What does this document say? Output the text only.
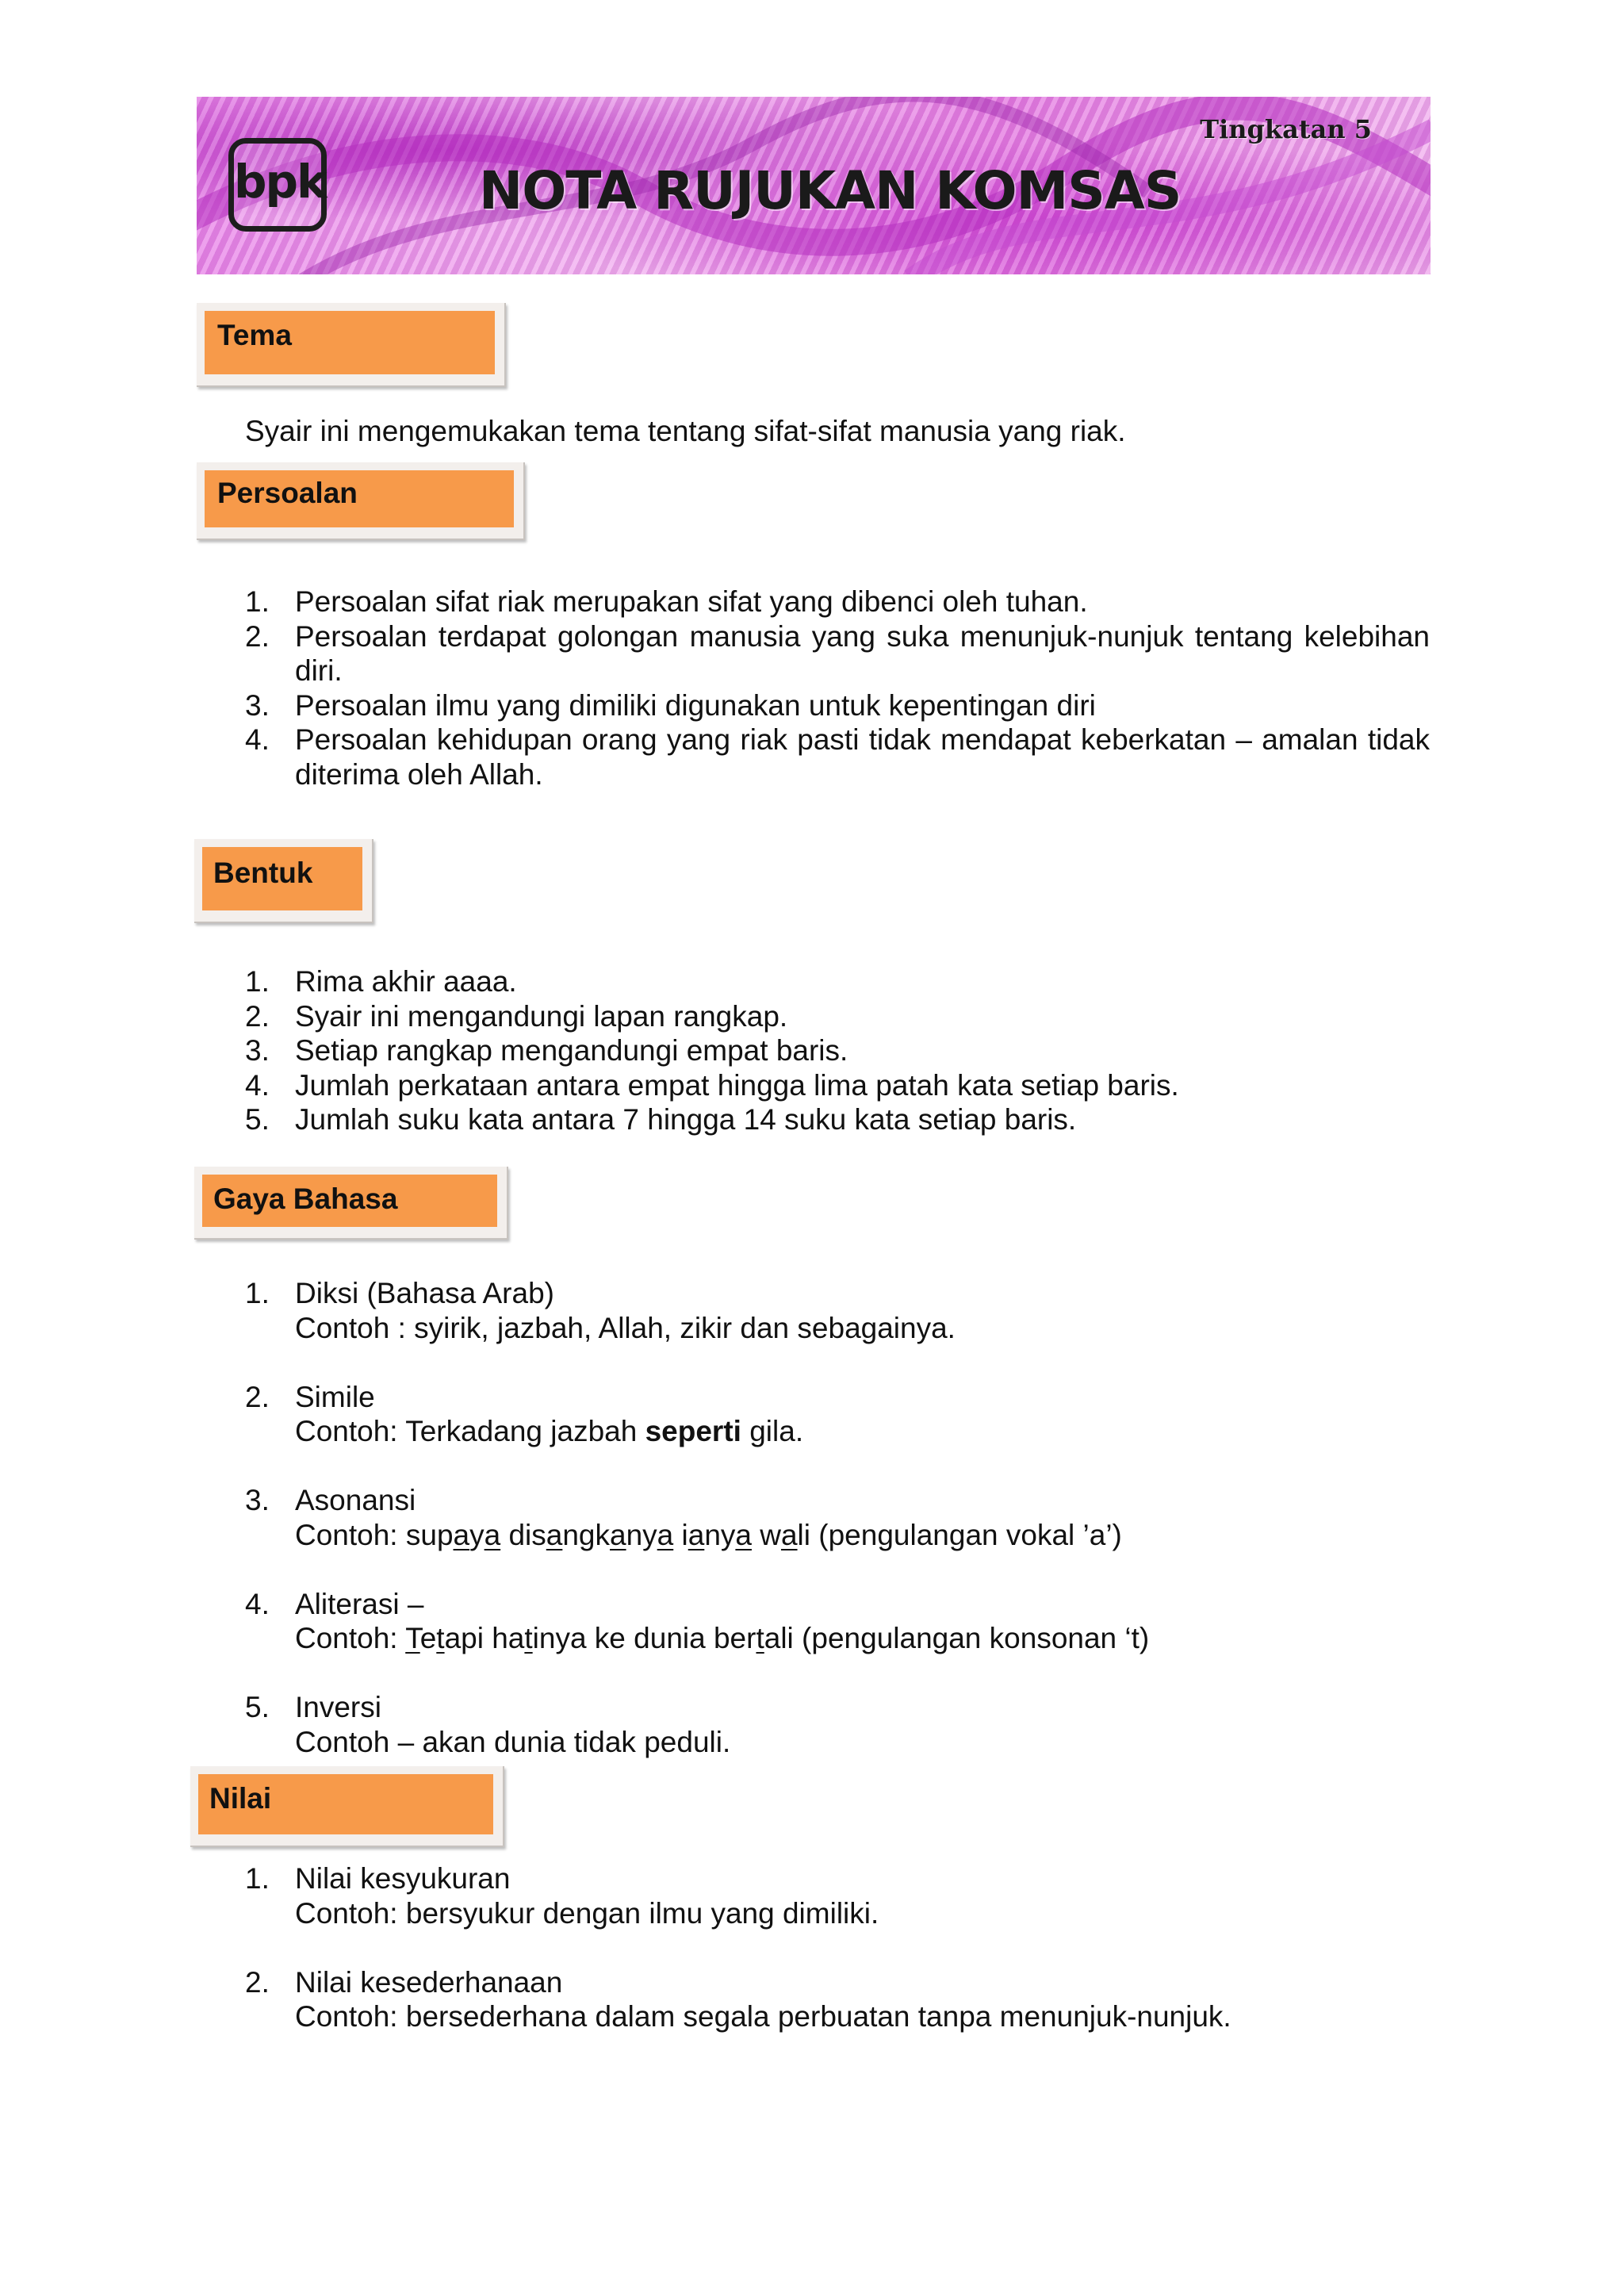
bpk	NOTA RUJUKAN KOMSAS
Tingkatan 5
Tema
Syair ini mengemukakan tema tentang sifat-sifat manusia yang riak.
Persoalan
1. Persoalan sifat riak merupakan sifat yang dibenci oleh tuhan.
2. Persoalan terdapat golongan manusia yang suka menunjuk-nunjuk tentang kelebihan diri.
3. Persoalan ilmu yang dimiliki digunakan untuk kepentingan diri
4. Persoalan kehidupan orang yang riak pasti tidak mendapat keberkatan – amalan tidak diterima oleh Allah.
Bentuk
1. Rima akhir aaaa.
2. Syair ini mengandungi lapan rangkap.
3. Setiap rangkap mengandungi empat baris.
4. Jumlah perkataan antara empat hingga lima patah kata setiap baris.
5. Jumlah suku kata antara 7 hingga 14 suku kata setiap baris.
Gaya Bahasa
1. Diksi (Bahasa Arab)
Contoh : syirik, jazbah, Allah, zikir dan sebagainya.
2. Simile
Contoh: Terkadang jazbah seperti gila.
3. Asonansi
Contoh: supaya disangkanya ianya wali (pengulangan vokal ’a’)
4. Aliterasi –
Contoh: Tetapi hatinya ke dunia bertali (pengulangan konsonan ‘t)
5. Inversi
Contoh – akan dunia tidak peduli.
Nilai
1. Nilai kesyukuran
Contoh: bersyukur dengan ilmu yang dimiliki.
2. Nilai kesederhanaan
Contoh: bersederhana dalam segala perbuatan tanpa menunjuk-nunjuk.
